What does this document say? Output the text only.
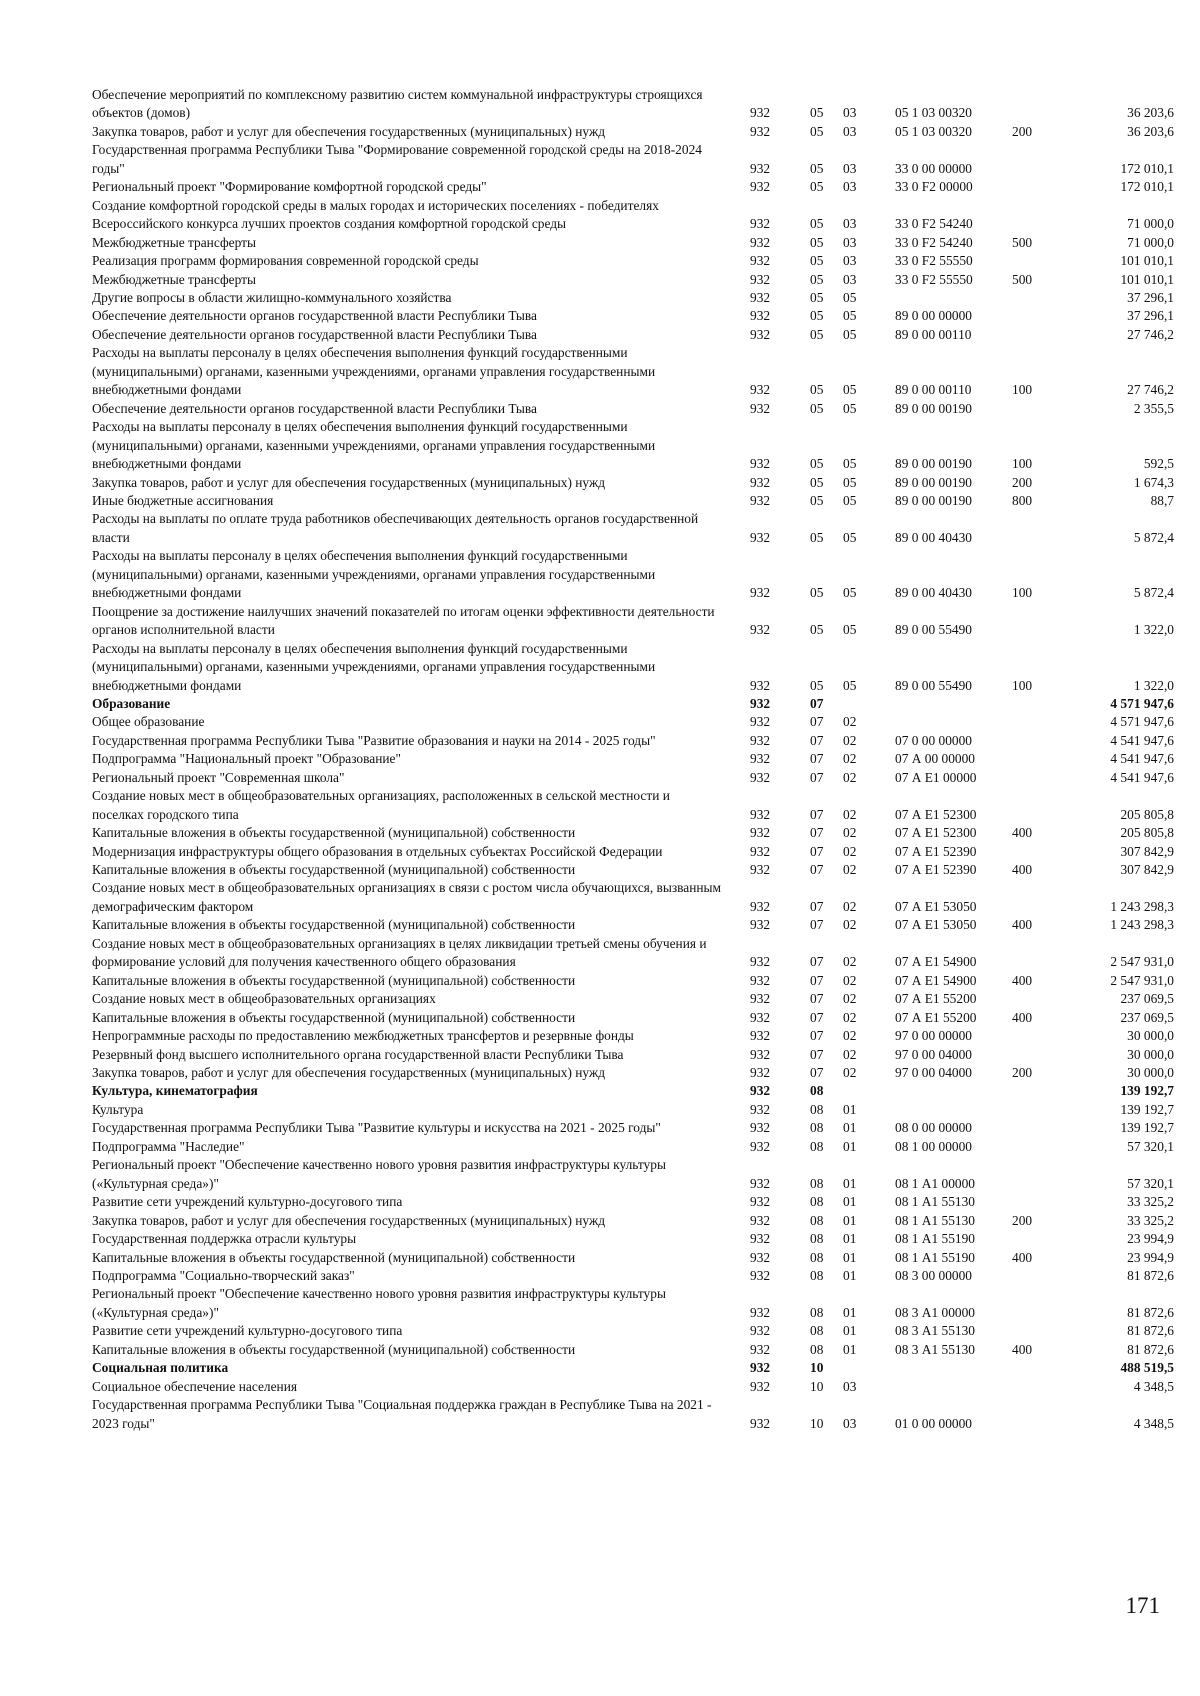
Обеспечение мероприятий по комплексному развитию систем коммунальной инфраструктуры строящихся объектов (домов)	932	05 03	05 1 03 00320	36 203,6
Закупка товаров, работ и услуг для обеспечения государственных (муниципальных) нужд	932	05 03	05 1 03 00320	200	36 203,6
Государственная программа Республики Тыва "Формирование современной городской среды на 2018-2024 годы"	932	05 03	33 0 00 00000	172 010,1
Региональный проект "Формирование комфортной городской среды"	932	05 03	33 0 F2 00000	172 010,1
Создание комфортной городской среды в малых городах и исторических поселениях - победителях Всероссийского конкурса лучших проектов создания комфортной городской среды	932	05 03	33 0 F2 54240	71 000,0
Межбюджетные трансферты	932	05 03	33 0 F2 54240	500	71 000,0
Реализация программ формирования современной городской среды	932	05 03	33 0 F2 55550	101 010,1
Межбюджетные трансферты	932	05 03	33 0 F2 55550	500	101 010,1
Другие вопросы в области жилищно-коммунального хозяйства	932	05 05	37 296,1
Обеспечение деятельности органов государственной власти Республики Тыва	932	05 05	89 0 00 00000	37 296,1
Обеспечение деятельности органов государственной власти Республики Тыва	932	05 05	89 0 00 00110	27 746,2
Расходы на выплаты персоналу в целях обеспечения выполнения функций государственными (муниципальными) органами, казенными учреждениями, органами управления государственными внебюджетными фондами	932	05 05	89 0 00 00110	100	27 746,2
Обеспечение деятельности органов государственной власти Республики Тыва	932	05 05	89 0 00 00190	2 355,5
Расходы на выплаты персоналу в целях обеспечения выполнения функций государственными (муниципальными) органами, казенными учреждениями, органами управления государственными внебюджетными фондами	932	05 05	89 0 00 00190	100	592,5
Закупка товаров, работ и услуг для обеспечения государственных (муниципальных) нужд	932	05 05	89 0 00 00190	200	1 674,3
Иные бюджетные ассигнования	932	05 05	89 0 00 00190	800	88,7
Расходы на выплаты по оплате труда работников обеспечивающих деятельность органов государственной власти	932	05 05	89 0 00 40430	5 872,4
Расходы на выплаты персоналу в целях обеспечения выполнения функций государственными (муниципальными) органами, казенными учреждениями, органами управления государственными внебюджетными фондами	932	05 05	89 0 00 40430	100	5 872,4
Поощрение за достижение наилучших значений показателей по итогам оценки эффективности деятельности органов исполнительной власти	932	05 05	89 0 00 55490	1 322,0
Расходы на выплаты персоналу в целях обеспечения выполнения функций государственными (муниципальными) органами, казенными учреждениями, органами управления государственными внебюджетными фондами	932	05 05	89 0 00 55490	100	1 322,0
Образование	932	07	4 571 947,6
Общее образование	932	07 02	4 571 947,6
Государственная программа Республики Тыва "Развитие образования и науки на 2014 - 2025 годы"	932	07 02	07 0 00 00000	4 541 947,6
Подпрограмма "Национальный проект "Образование"	932	07 02	07 А 00 00000	4 541 947,6
Региональный проект "Современная школа"	932	07 02	07 А Е1 00000	4 541 947,6
Создание новых мест в общеобразовательных организациях, расположенных в сельской местности и поселках городского типа	932	07 02	07 А Е1 52300	205 805,8
Капитальные вложения в объекты государственной (муниципальной) собственности	932	07 02	07 А Е1 52300	400	205 805,8
Модернизация инфраструктуры общего образования в отдельных субъектах Российской Федерации	932	07 02	07 А Е1 52390	307 842,9
Капитальные вложения в объекты государственной (муниципальной) собственности	932	07 02	07 А Е1 52390	400	307 842,9
Создание новых мест в общеобразовательных организациях в связи с ростом числа обучающихся, вызванным демографическим фактором	932	07 02	07 А Е1 53050	1 243 298,3
Капитальные вложения в объекты государственной (муниципальной) собственности	932	07 02	07 А Е1 53050	400	1 243 298,3
Создание новых мест в общеобразовательных организациях в целях ликвидации третьей смены обучения и формирование условий для получения качественного общего образования	932	07 02	07 А Е1 54900	2 547 931,0
Капитальные вложения в объекты государственной (муниципальной) собственности	932	07 02	07 А Е1 54900	400	2 547 931,0
Создание новых мест в общеобразовательных организациях	932	07 02	07 А Е1 55200	237 069,5
Капитальные вложения в объекты государственной (муниципальной) собственности	932	07 02	07 А Е1 55200	400	237 069,5
Непрограммные расходы по предоставлению межбюджетных трансфертов и резервные фонды	932	07 02	97 0 00 00000	30 000,0
Резервный фонд высшего исполнительного органа государственной власти Республики Тыва	932	07 02	97 0 00 04000	30 000,0
Закупка товаров, работ и услуг для обеспечения государственных (муниципальных) нужд	932	07 02	97 0 00 04000	200	30 000,0
Культура, кинематография	932	08	139 192,7
Культура	932	08 01	139 192,7
Государственная программа Республики Тыва "Развитие культуры и искусства на 2021 - 2025 годы"	932	08 01	08 0 00 00000	139 192,7
Подпрограмма "Наследие"	932	08 01	08 1 00 00000	57 320,1
Региональный проект "Обеспечение качественно нового уровня развития инфраструктуры культуры («Культурная среда»)"	932	08 01	08 1 А1 00000	57 320,1
Развитие сети учреждений культурно-досугового типа	932	08 01	08 1 А1 55130	33 325,2
Закупка товаров, работ и услуг для обеспечения государственных (муниципальных) нужд	932	08 01	08 1 А1 55130	200	33 325,2
Государственная поддержка отрасли культуры	932	08 01	08 1 А1 55190	23 994,9
Капитальные вложения в объекты государственной (муниципальной) собственности	932	08 01	08 1 А1 55190	400	23 994,9
Подпрограмма "Социально-творческий заказ"	932	08 01	08 3 00 00000	81 872,6
Региональный проект "Обеспечение качественно нового уровня развития инфраструктуры культуры («Культурная среда»)"	932	08 01	08 3 А1 00000	81 872,6
Развитие сети учреждений культурно-досугового типа	932	08 01	08 3 А1 55130	81 872,6
Капитальные вложения в объекты государственной (муниципальной) собственности	932	08 01	08 3 А1 55130	400	81 872,6
Социальная политика	932	10	488 519,5
Социальное обеспечение населения	932	10 03	4 348,5
Государственная программа Республики Тыва "Социальная поддержка граждан в Республике Тыва на 2021 - 2023 годы"	932	10 03	01 0 00 00000	4 348,5
171
